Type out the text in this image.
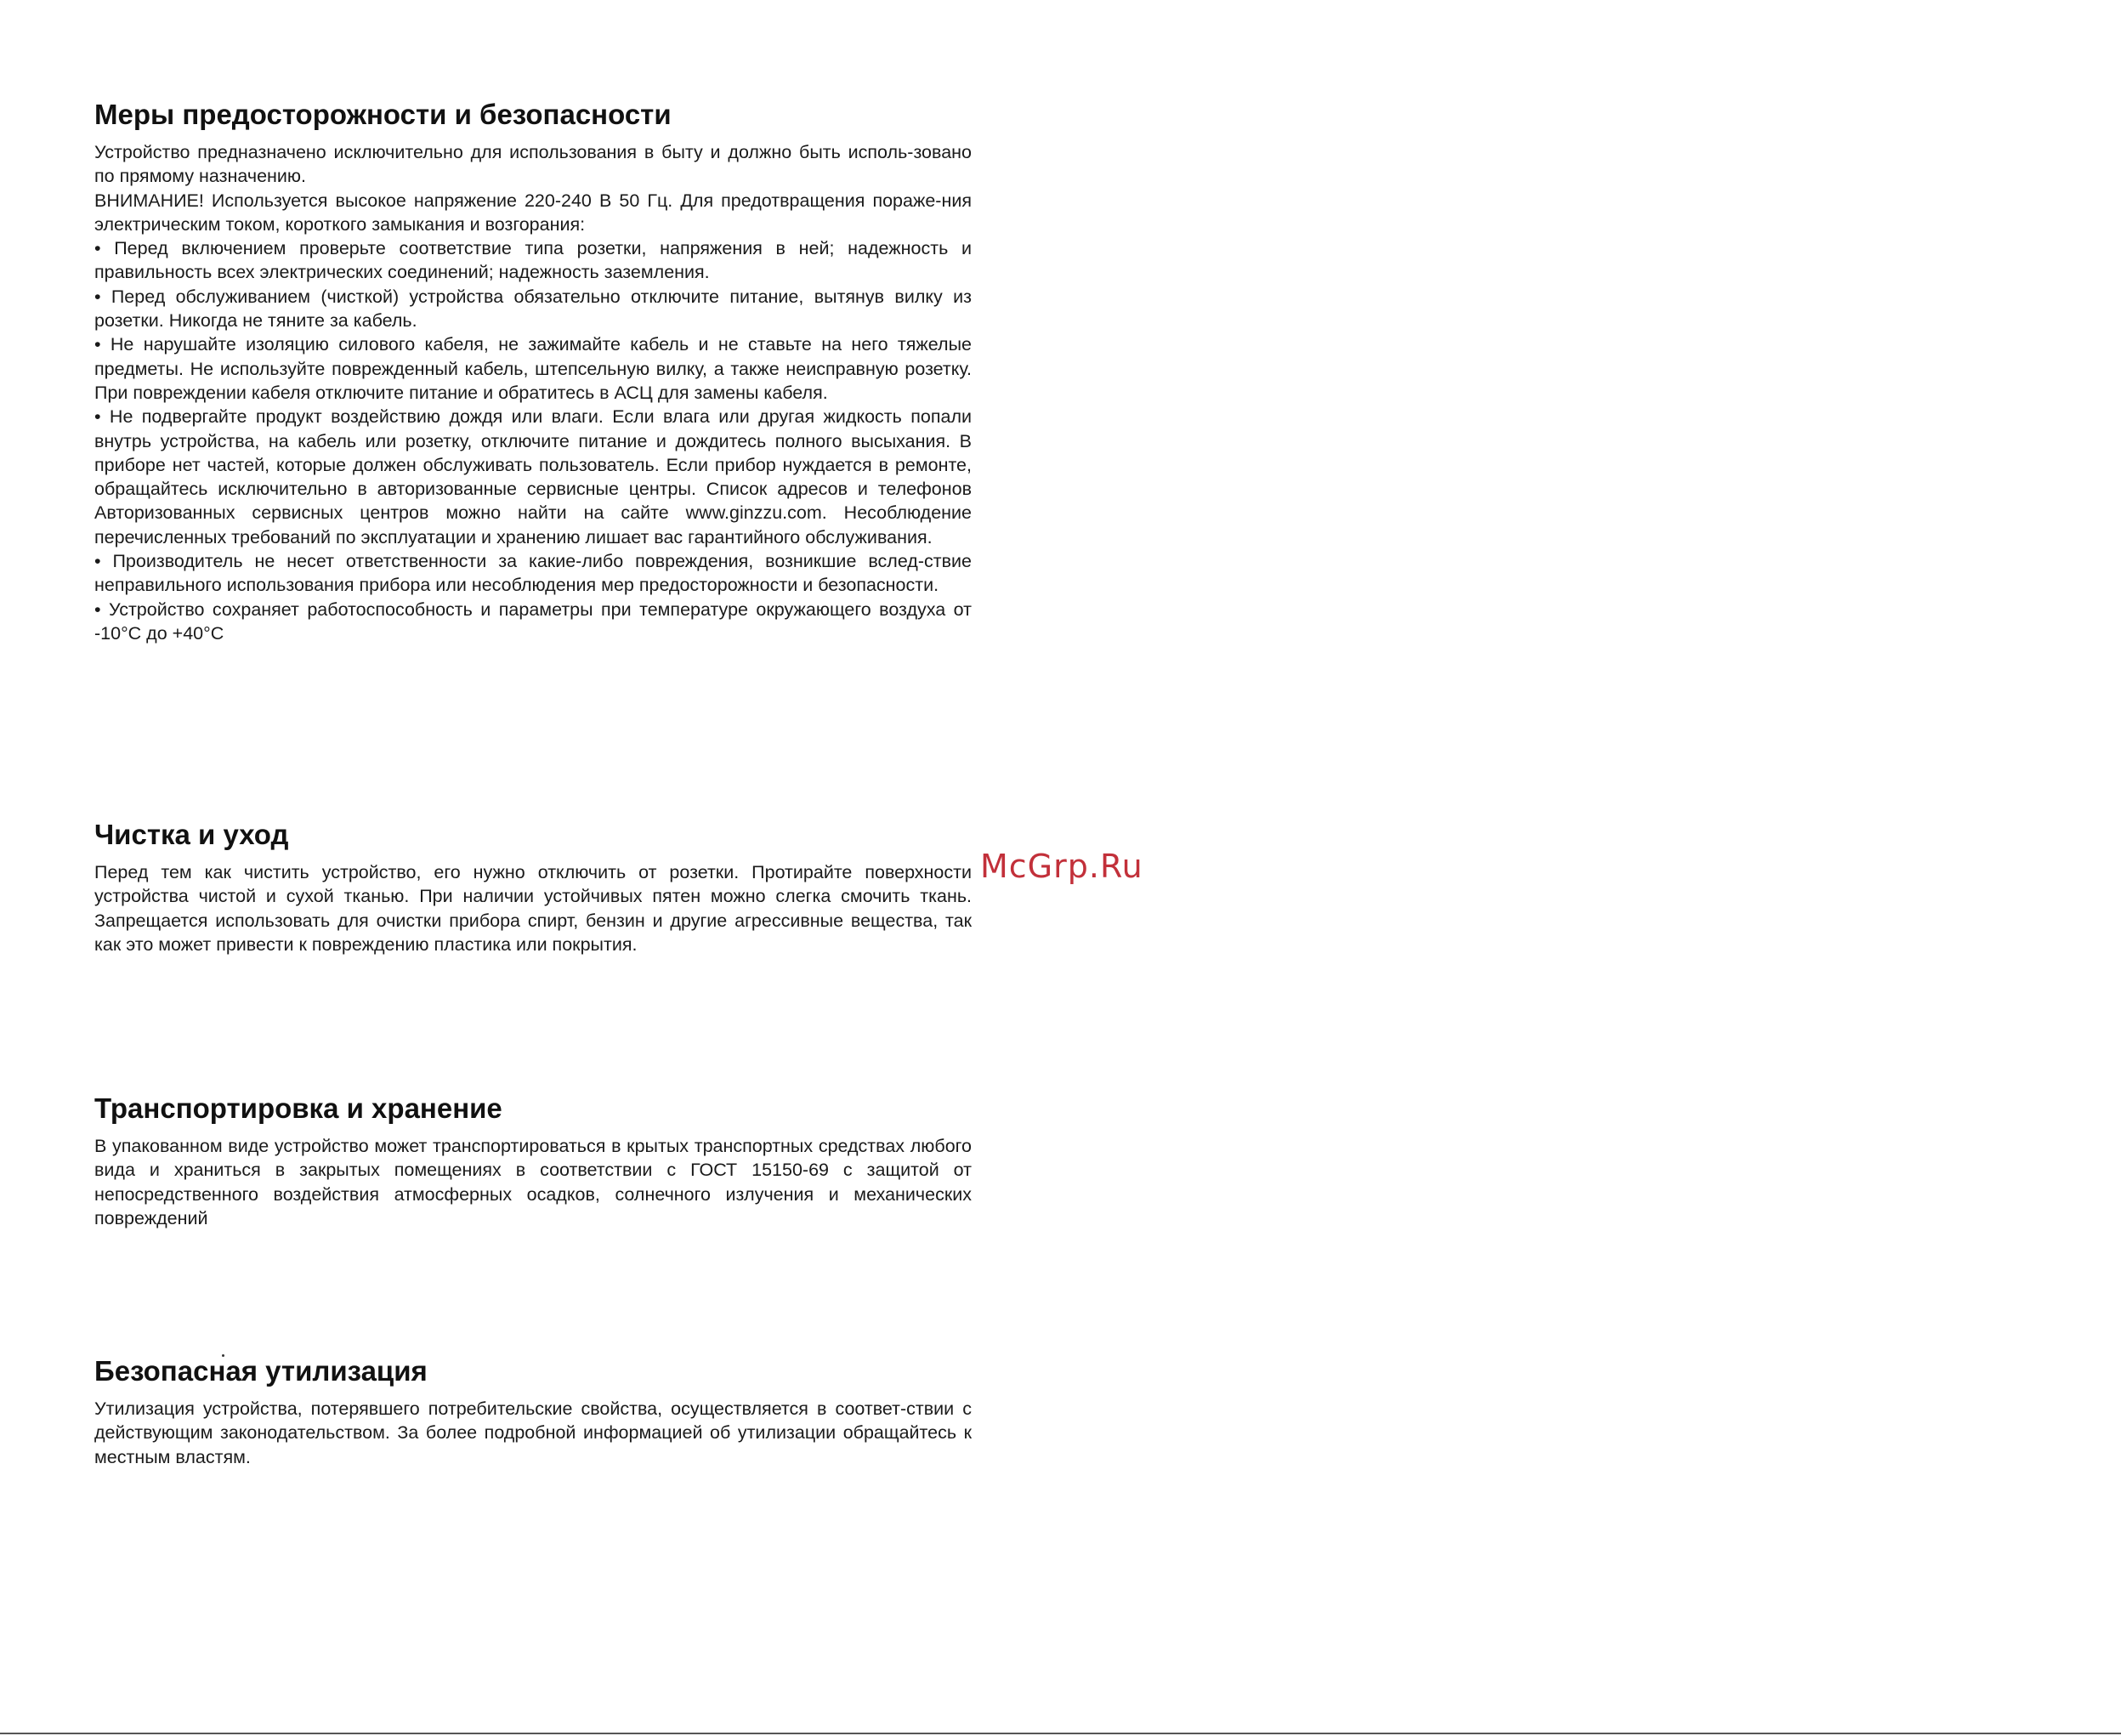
Меры предосторожности и безопасности

Устройство предназначено исключительно для использования в быту и должно быть исполь-зовано по прямому назначению.

ВНИМАНИЕ! Используется высокое напряжение 220-240 В 50 Гц. Для предотвращения пораже-ния электрическим током, короткого замыкания и возгорания:

• Перед включением проверьте соответствие типа розетки, напряжения в ней; надежность и правильность всех электрических соединений; надежность заземления.

• Перед обслуживанием (чисткой) устройства обязательно отключите питание, вытянув вилку из розетки. Никогда не тяните за кабель.

• Не нарушайте изоляцию силового кабеля, не зажимайте кабель и не ставьте на него тяжелые предметы. Не используйте поврежденный кабель, штепсельную вилку, а также неисправную розетку. При повреждении кабеля отключите питание и обратитесь в АСЦ для замены кабеля.

• Не подвергайте продукт воздействию дождя или влаги. Если влага или другая жидкость попали внутрь устройства, на кабель или розетку, отключите питание и дождитесь полного высыхания. В приборе нет частей, которые должен обслуживать пользователь. Если прибор нуждается в ремонте, обращайтесь исключительно в авторизованные сервисные центры. Список адресов и телефонов Авторизованных сервисных центров можно найти на сайте www.ginzzu.com. Несоблюдение перечисленных требований по эксплуатации и хранению лишает вас гарантийного обслуживания.

• Производитель не несет ответственности за какие-либо повреждения, возникшие вслед-ствие неправильного использования прибора или несоблюдения мер предосторожности и безопасности.

• Устройство сохраняет работоспособность и параметры при температуре окружающего воздуха от -10°C до +40°C

Чистка и уход

Перед тем как чистить устройство, его нужно отключить от розетки. Протирайте поверхности устройства чистой и сухой тканью. При наличии устойчивых пятен можно слегка смочить ткань. Запрещается использовать для очистки прибора спирт, бензин и другие агрессивные вещества, так как это может привести к повреждению пластика или покрытия.

Транспортировка и хранение

В упакованном виде устройство может транспортироваться в крытых транспортных средствах любого вида и храниться в закрытых помещениях в соответствии с ГОСТ 15150-69 с защитой от непосредственного воздействия атмосферных осадков, солнечного излучения и механических повреждений

Безопасная утилизация

Утилизация устройства, потерявшего потребительские свойства, осуществляется в соответ-ствии с действующим законодательством. За более подробной информацией об утилизации обращайтесь к местным властям.

McGrp.Ru
